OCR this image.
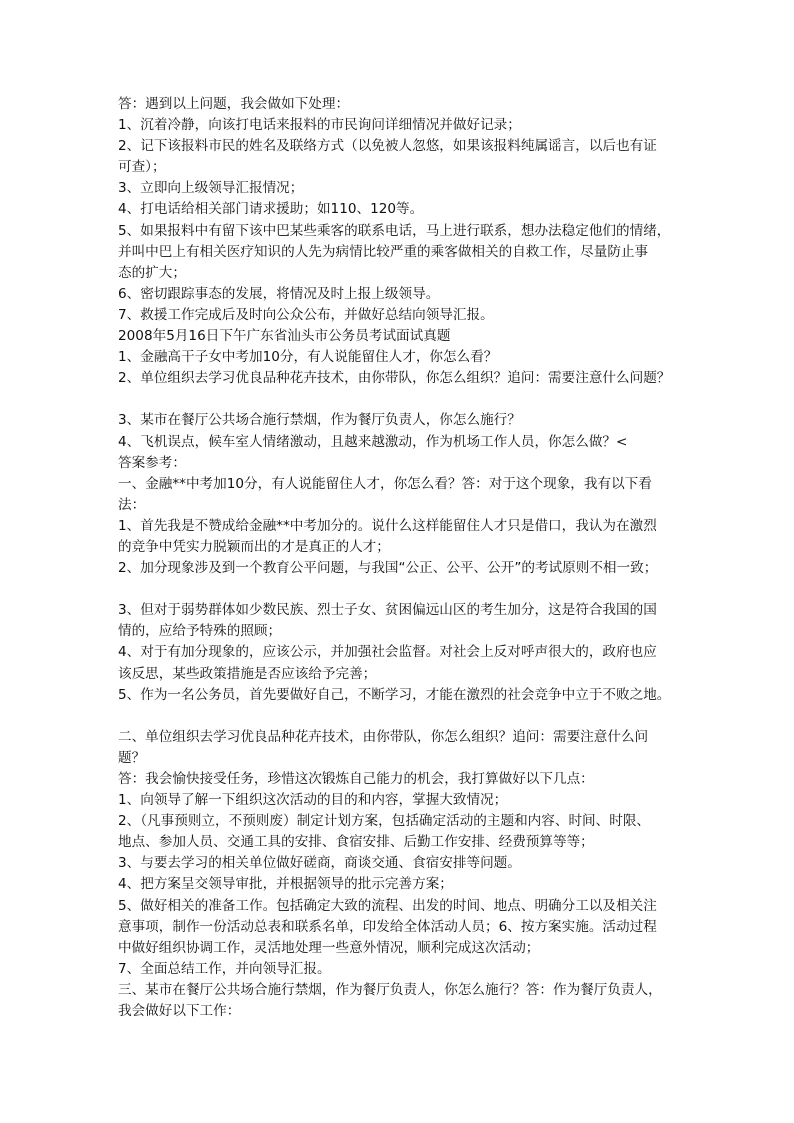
答：遇到以上问题，我会做如下处理：
1、沉着冷静，向该打电话来报料的市民询问详细情况并做好记录；
2、记下该报料市民的姓名及联络方式（以免被人忽悠，如果该报料纯属谣言，以后也有证
可查）；
3、立即向上级领导汇报情况；
4、打电话给相关部门请求援助；如110、120等。
5、如果报料中有留下该中巴某些乘客的联系电话，马上进行联系，想办法稳定他们的情绪，
并叫中巴上有相关医疗知识的人先为病情比较严重的乘客做相关的自救工作，尽量防止事
态的扩大；
6、密切跟踪事态的发展，将情况及时上报上级领导。
7、救援工作完成后及时向公众公布，并做好总结向领导汇报。
2008年5月16日下午广东省汕头市公务员考试面试真题
1、金融高干子女中考加10分，有人说能留住人才，你怎么看？
2、单位组织去学习优良品种花卉技术，由你带队，你怎么组织？追问：需要注意什么问题？
3、某市在餐厅公共场合施行禁烟，作为餐厅负责人，你怎么施行？
4、飞机误点，候车室人情绪激动，且越来越激动，作为机场工作人员，你怎么做？<
答案参考：
一、金融**中考加10分，有人说能留住人才，你怎么看？答：对于这个现象，我有以下看
法：
1、首先我是不赞成给金融**中考加分的。说什么这样能留住人才只是借口，我认为在激烈
的竞争中凭实力脱颖而出的才是真正的人才；
2、加分现象涉及到一个教育公平问题，与我国“公正、公平、公开”的考试原则不相一致；
3、但对于弱势群体如少数民族、烈士子女、贫困偏远山区的考生加分，这是符合我国的国
情的，应给予特殊的照顾；
4、对于有加分现象的，应该公示，并加强社会监督。对社会上反对呼声很大的，政府也应
该反思，某些政策措施是否应该给予完善；
5、作为一名公务员，首先要做好自己，不断学习，才能在激烈的社会竞争中立于不败之地。
二、单位组织去学习优良品种花卉技术，由你带队，你怎么组织？追问：需要注意什么问
题？
答：我会愉快接受任务，珍惜这次锻炼自己能力的机会，我打算做好以下几点：
1、向领导了解一下组织这次活动的目的和内容，掌握大致情况；
2、（凡事预则立，不预则废）制定计划方案，包括确定活动的主题和内容、时间、时限、
地点、参加人员、交通工具的安排、食宿安排、后勤工作安排、经费预算等等；
3、与要去学习的相关单位做好磋商，商谈交通、食宿安排等问题。
4、把方案呈交领导审批，并根据领导的批示完善方案；
5、做好相关的准备工作。包括确定大致的流程、出发的时间、地点、明确分工以及相关注
意事项，制作一份活动总表和联系名单，印发给全体活动人员；6、按方案实施。活动过程
中做好组织协调工作，灵活地处理一些意外情况，顺利完成这次活动；
7、全面总结工作，并向领导汇报。
三、某市在餐厅公共场合施行禁烟，作为餐厅负责人，你怎么施行？答：作为餐厅负责人，
我会做好以下工作：
